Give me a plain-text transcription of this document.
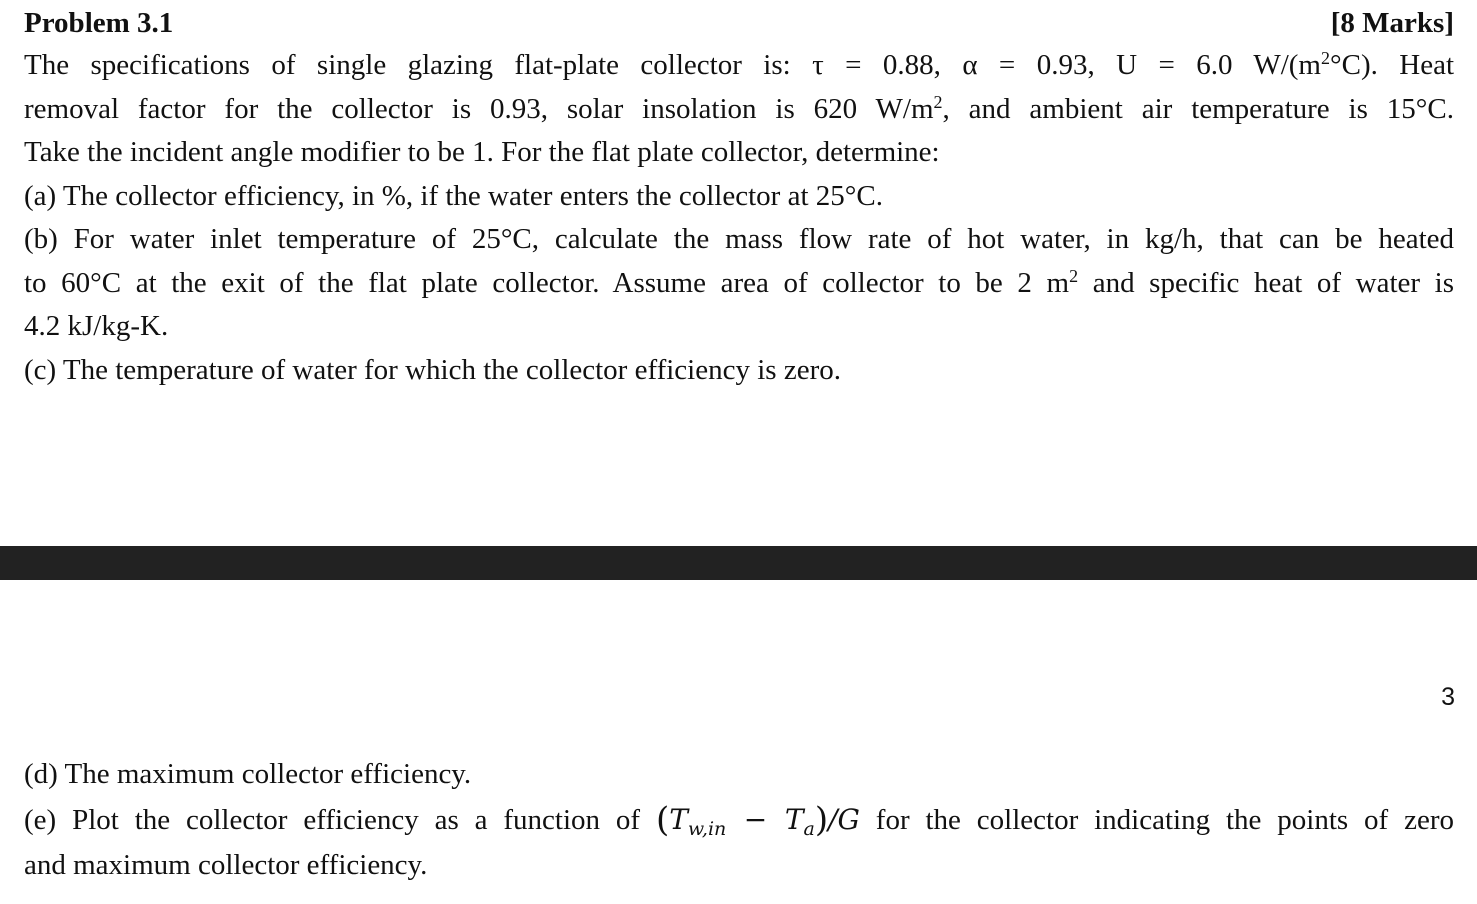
Problem 3.1	[8 Marks]
The specifications of single glazing flat-plate collector is: τ = 0.88, α = 0.93, U = 6.0 $W/(m^2^\circ C)$. Heat
removal factor for the collector is 0.93, solar insolation is 620 $W/m^2$, and ambient air temperature is 15°C.
Take the incident angle modifier to be 1. For the flat plate collector, determine:
(a) The collector efficiency, in %, if the water enters the collector at 25°C.
(b) For water inlet temperature of 25°C, calculate the mass flow rate of hot water, in kg/h, that can be heated
to 60°C at the exit of the flat plate collector. Assume area of collector to be 2 $m^2$ and specific heat of water is
4.2 kJ/kg-K.
(c) The temperature of water for which the collector efficiency is zero.
3
(d) The maximum collector efficiency.
(e) Plot the collector efficiency as a function of $(T_{w,in} - T_a)/G$ for the collector indicating the points of zero
and maximum collector efficiency.
